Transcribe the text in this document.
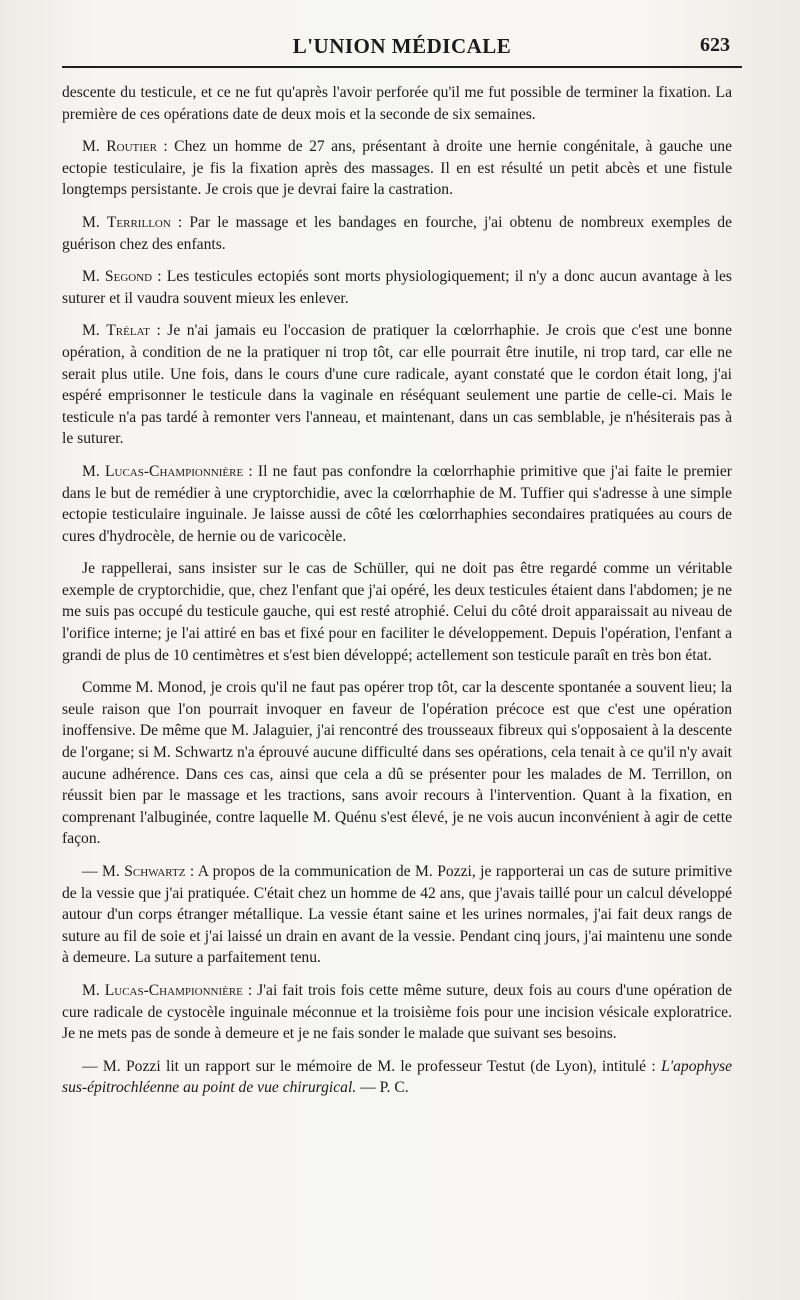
L'UNION MÉDICALE	623

descente du testicule, et ce ne fut qu'après l'avoir perforée qu'il me fut possible de terminer la fixation. La première de ces opérations date de deux mois et la seconde de six semaines.

M. Routier : Chez un homme de 27 ans, présentant à droite une hernie congénitale, à gauche une ectopie testiculaire, je fis la fixation après des massages. Il en est résulté un petit abcès et une fistule longtemps persistante. Je crois que je devrai faire la castration.

M. Terrillon : Par le massage et les bandages en fourche, j'ai obtenu de nombreux exemples de guérison chez des enfants.

M. Segond : Les testicules ectopiés sont morts physiologiquement; il n'y a donc aucun avantage à les suturer et il vaudra souvent mieux les enlever.

M. Trélat : Je n'ai jamais eu l'occasion de pratiquer la cœlorrhaphie. Je crois que c'est une bonne opération, à condition de ne la pratiquer ni trop tôt, car elle pourrait être inutile, ni trop tard, car elle ne serait plus utile. Une fois, dans le cours d'une cure radicale, ayant constaté que le cordon était long, j'ai espéré emprisonner le testicule dans la vaginale en réséquant seulement une partie de celle-ci. Mais le testicule n'a pas tardé à remonter vers l'anneau, et maintenant, dans un cas semblable, je n'hésiterais pas à le suturer.

M. Lucas-Championnière : Il ne faut pas confondre la cœlorrhaphie primitive que j'ai faite le premier dans le but de remédier à une cryptorchidie, avec la cœlorrhaphie de M. Tuffier qui s'adresse à une simple ectopie testiculaire inguinale. Je laisse aussi de côté les cœlorrhaphies secondaires pratiquées au cours de cures d'hydrocèle, de hernie ou de varicocèle.

Je rappellerai, sans insister sur le cas de Schüller, qui ne doit pas être regardé comme un véritable exemple de cryptorchidie, que, chez l'enfant que j'ai opéré, les deux testicules étaient dans l'abdomen; je ne me suis pas occupé du testicule gauche, qui est resté atrophié. Celui du côté droit apparaissait au niveau de l'orifice interne; je l'ai attiré en bas et fixé pour en faciliter le développement. Depuis l'opération, l'enfant a grandi de plus de 10 centimètres et s'est bien développé; actellement son testicule paraît en très bon état.

Comme M. Monod, je crois qu'il ne faut pas opérer trop tôt, car la descente spontanée a souvent lieu; la seule raison que l'on pourrait invoquer en faveur de l'opération précoce est que c'est une opération inoffensive. De même que M. Jalaguier, j'ai rencontré des trousseaux fibreux qui s'opposaient à la descente de l'organe; si M. Schwartz n'a éprouvé aucune difficulté dans ses opérations, cela tenait à ce qu'il n'y avait aucune adhérence. Dans ces cas, ainsi que cela a dû se présenter pour les malades de M. Terrillon, on réussit bien par le massage et les tractions, sans avoir recours à l'intervention. Quant à la fixation, en comprenant l'albuginée, contre laquelle M. Quénu s'est élevé, je ne vois aucun inconvénient à agir de cette façon.

— M. Schwartz : A propos de la communication de M. Pozzi, je rapporterai un cas de suture primitive de la vessie que j'ai pratiquée. C'était chez un homme de 42 ans, que j'avais taillé pour un calcul développé autour d'un corps étranger métallique. La vessie étant saine et les urines normales, j'ai fait deux rangs de suture au fil de soie et j'ai laissé un drain en avant de la vessie. Pendant cinq jours, j'ai maintenu une sonde à demeure. La suture a parfaitement tenu.

M. Lucas-Championnière : J'ai fait trois fois cette même suture, deux fois au cours d'une opération de cure radicale de cystocèle inguinale méconnue et la troisième fois pour une incision vésicale exploratrice. Je ne mets pas de sonde à demeure et je ne fais sonder le malade que suivant ses besoins.

— M. Pozzi lit un rapport sur le mémoire de M. le professeur Testut (de Lyon), intitulé : L'apophyse sus-épitrochléenne au point de vue chirurgical. — P. C.
